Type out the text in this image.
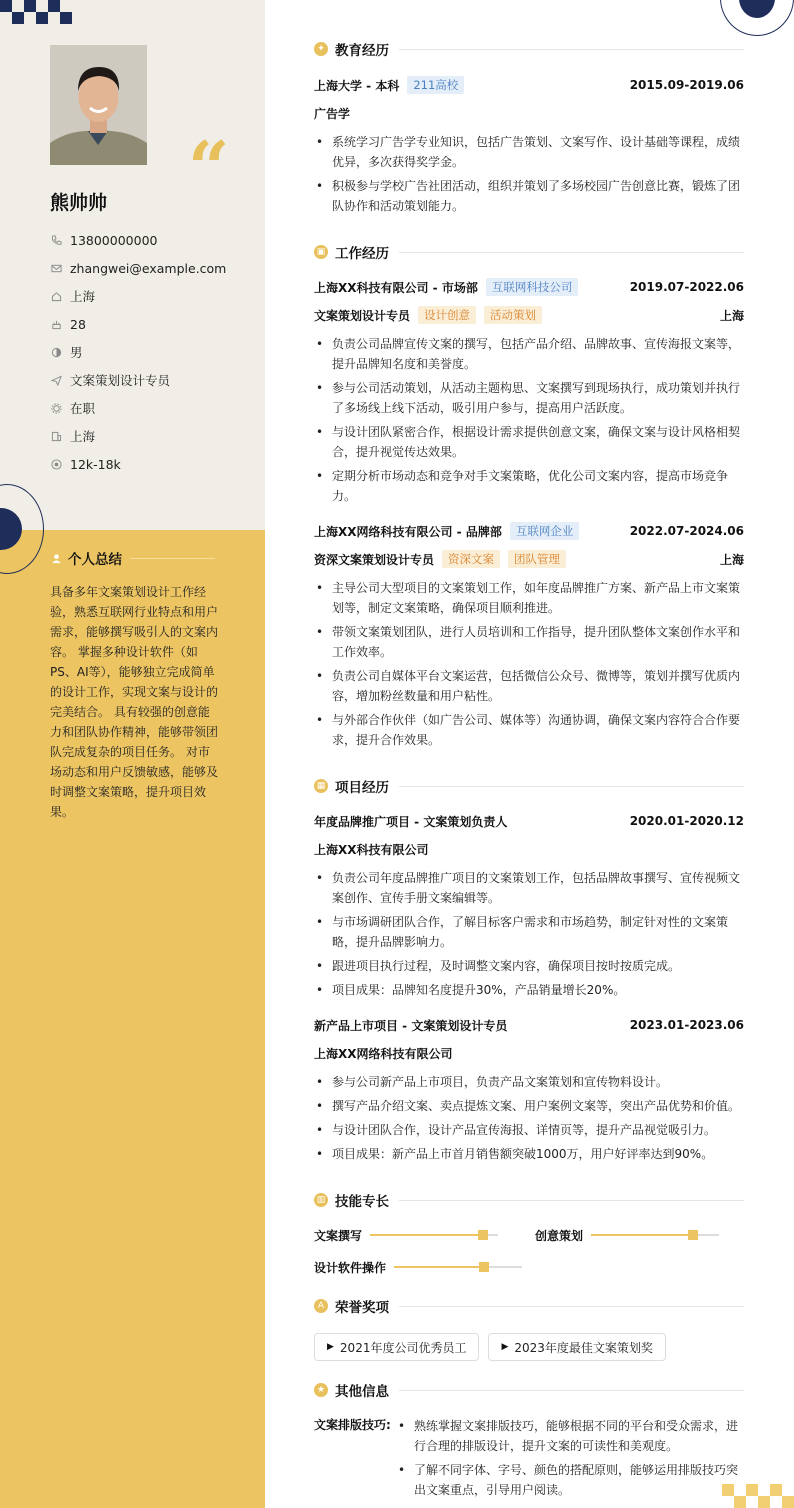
“
熊帅帅
13800000000
zhangwei@example.com
上海
28
男
文案策划设计专员
在职
上海
12k-18k
个人总结
具备多年文案策划设计工作经验，熟悉互联网行业特点和用户需求，能够撰写吸引人的文案内容。 掌握多种设计软件（如PS、AI等），能够独立完成简单的设计工作，实现文案与设计的完美结合。 具有较强的创意能力和团队协作精神，能够带领团队完成复杂的项目任务。 对市场动态和用户反馈敏感，能够及时调整文案策略，提升项目效果。
✦ 教育经历
上海大学 - 本科	211高校	2015.09-2019.06
广告学
• 系统学习广告学专业知识，包括广告策划、文案写作、设计基础等课程，成绩优异，多次获得奖学金。
• 积极参与学校广告社团活动，组织并策划了多场校园广告创意比赛，锻炼了团队协作和活动策划能力。
▣ 工作经历
上海XX科技有限公司 - 市场部	互联网科技公司	2019.07-2022.06
文案策划设计专员	设计创意	活动策划	上海
• 负责公司品牌宣传文案的撰写，包括产品介绍、品牌故事、宣传海报文案等，提升品牌知名度和美誉度。
• 参与公司活动策划，从活动主题构思、文案撰写到现场执行，成功策划并执行了多场线上线下活动，吸引用户参与，提高用户活跃度。
• 与设计团队紧密合作，根据设计需求提供创意文案，确保文案与设计风格相契合，提升视觉传达效果。
• 定期分析市场动态和竞争对手文案策略，优化公司文案内容，提高市场竞争力。
上海XX网络科技有限公司 - 品牌部	互联网企业	2022.07-2024.06
资深文案策划设计专员	资深文案	团队管理	上海
• 主导公司大型项目的文案策划工作，如年度品牌推广方案、新产品上市文案策划等，制定文案策略，确保项目顺利推进。
• 带领文案策划团队，进行人员培训和工作指导，提升团队整体文案创作水平和工作效率。
• 负责公司自媒体平台文案运营，包括微信公众号、微博等，策划并撰写优质内容，增加粉丝数量和用户粘性。
• 与外部合作伙伴（如广告公司、媒体等）沟通协调，确保文案内容符合合作要求，提升合作效果。
▦ 项目经历
年度品牌推广项目 - 文案策划负责人	2020.01-2020.12
上海XX科技有限公司
• 负责公司年度品牌推广项目的文案策划工作，包括品牌故事撰写、宣传视频文案创作、宣传手册文案编辑等。
• 与市场调研团队合作，了解目标客户需求和市场趋势，制定针对性的文案策略，提升品牌影响力。
• 跟进项目执行过程，及时调整文案内容，确保项目按时按质完成。
• 项目成果：品牌知名度提升30%，产品销量增长20%。
新产品上市项目 - 文案策划设计专员	2023.01-2023.06
上海XX网络科技有限公司
• 参与公司新产品上市项目，负责产品文案策划和宣传物料设计。
• 撰写产品介绍文案、卖点提炼文案、用户案例文案等，突出产品优势和价值。
• 与设计团队合作，设计产品宣传海报、详情页等，提升产品视觉吸引力。
• 项目成果：新产品上市首月销售额突破1000万，用户好评率达到90%。
▥ 技能专长
文案撰写	创意策划
设计软件操作
A 荣誉奖项
▶ 2021年度公司优秀员工	▶ 2023年度最佳文案策划奖
★ 其他信息
文案排版技巧:
•	熟练掌握文案排版技巧，能够根据不同的平台和受众需求，进行合理的排版设计，提升文案的可读性和美观度。
• 了解不同字体、字号、颜色的搭配原则，能够运用排版技巧突出文案重点，引导用户阅读。
